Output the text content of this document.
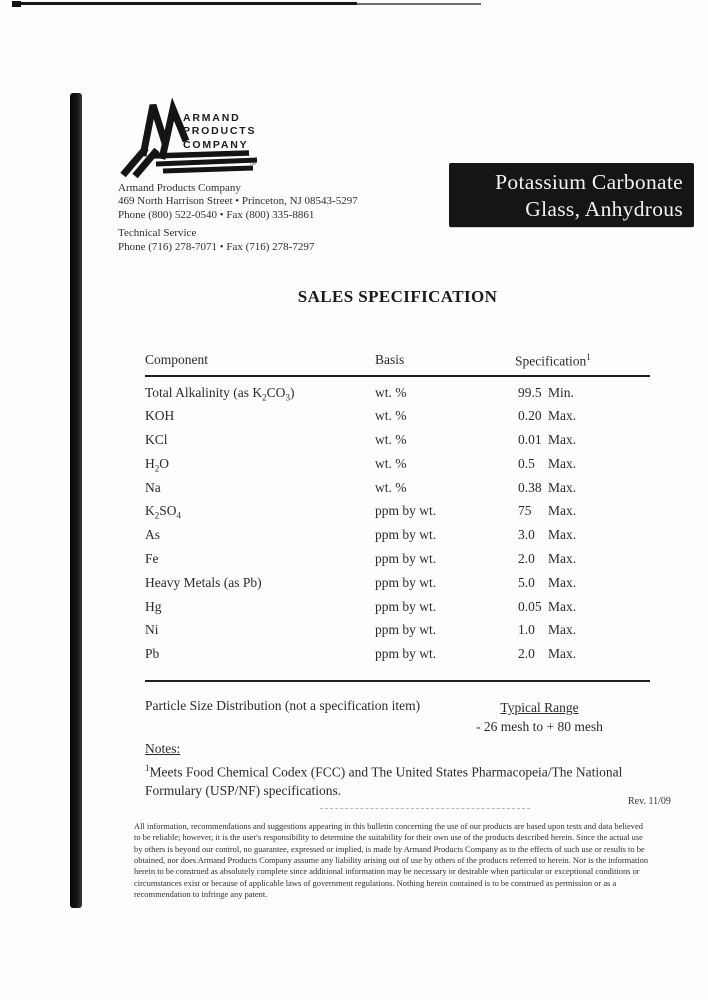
ARMAND
PRODUCTS
COMPANY
™
Armand Products Company
469 North Harrison Street • Princeton, NJ 08543-5297
Phone (800) 522-0540 • Fax (800) 335-8861
Technical Service
Phone (716) 278-7071 • Fax (716) 278-7297
Potassium Carbonate
Glass, Anhydrous
SALES SPECIFICATION
Component	Basis	Specification$^1$
Total Alkalinity (as $K_2CO_3$)	wt. %	99.5 Min.
KOH	wt. %	0.20 Max.
KCl	wt. %	0.01 Max.
$H_2O$	wt. %	0.5 Max.
Na	wt. %	0.38 Max.
$K_2SO_4$	ppm by wt.	75	Max.
As	ppm by wt.	3.0 Max.
Fe	ppm by wt.	2.0 Max.
Heavy Metals (as Pb)	ppm by wt.	5.0 Max.
Hg	ppm by wt.	0.05 Max.
Ni	ppm by wt.	1.0 Max.
Pb	ppm by wt.	2.0 Max.
Particle Size Distribution (not a specification item)	Typical Range
- 26 mesh to + 80 mesh
Notes:
$^1$Meets Food Chemical Codex (FCC) and The United States Pharmacopeia/The National
Formulary (USP/NF) specifications.
Rev. 11/09
All information, recommendations and suggestions appearing in this bulletin concerning the use of our products are based upon tests and data believed
to be reliable; however, it is the user's responsibility to determine the suitability for their own use of the products described herein. Since the actual use
by others is beyond our control, no guarantee, expressed or implied, is made by Armand Products Company as to the effects of such use or results to be
obtained, nor does Armand Products Company assume any liability arising out of use by others of the products referred to herein. Nor is the information
herein to be construed as absolutely complete since additional information may be necessary or desirable when particular or exceptional conditions or
circumstances exist or because of applicable laws of government regulations. Nothing herein contained is to be construed as permission or as a
recommendation to infringe any patent.
